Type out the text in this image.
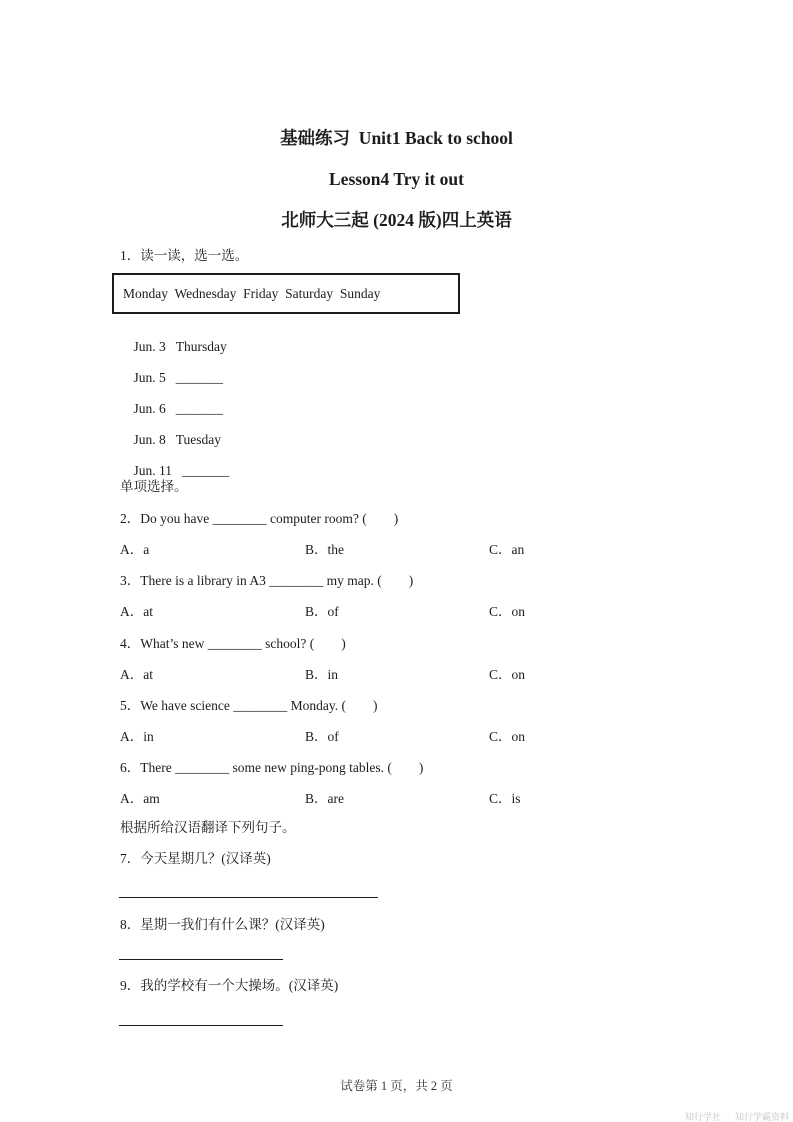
基础练习  Unit1 Back to school
Lesson4 Try it out
北师大三起 (2024 版)四上英语
1．读一读，选一选。
Monday  Wednesday  Friday  Saturday  Sunday

Jun. 3 Thursday

Jun. 5 _______

Jun. 6 _______

Jun. 8 Tuesday

Jun. 11 _______

单项选择。
2．Do you have ________ computer room? (　　)
A．a	B．the	C．an
3．There is a library in A3 ________ my map. (　　)
A．at	B．of	C．on
4．What’s new ________ school? (　　)
A．at	B．in	C．on
5．We have science ________ Monday. (　　)
A．in	B．of	C．on
6．There ________ some new ping-pong tables. (　　)
A．am	B．are	C．is
根据所给汉语翻译下列句子。
7．今天星期几？(汉译英)
8．星期一我们有什么课？(汉译英)
9．我的学校有一个大操场。(汉译英)
试卷第 1 页，共 2 页

知行学社 知行学霸资料
